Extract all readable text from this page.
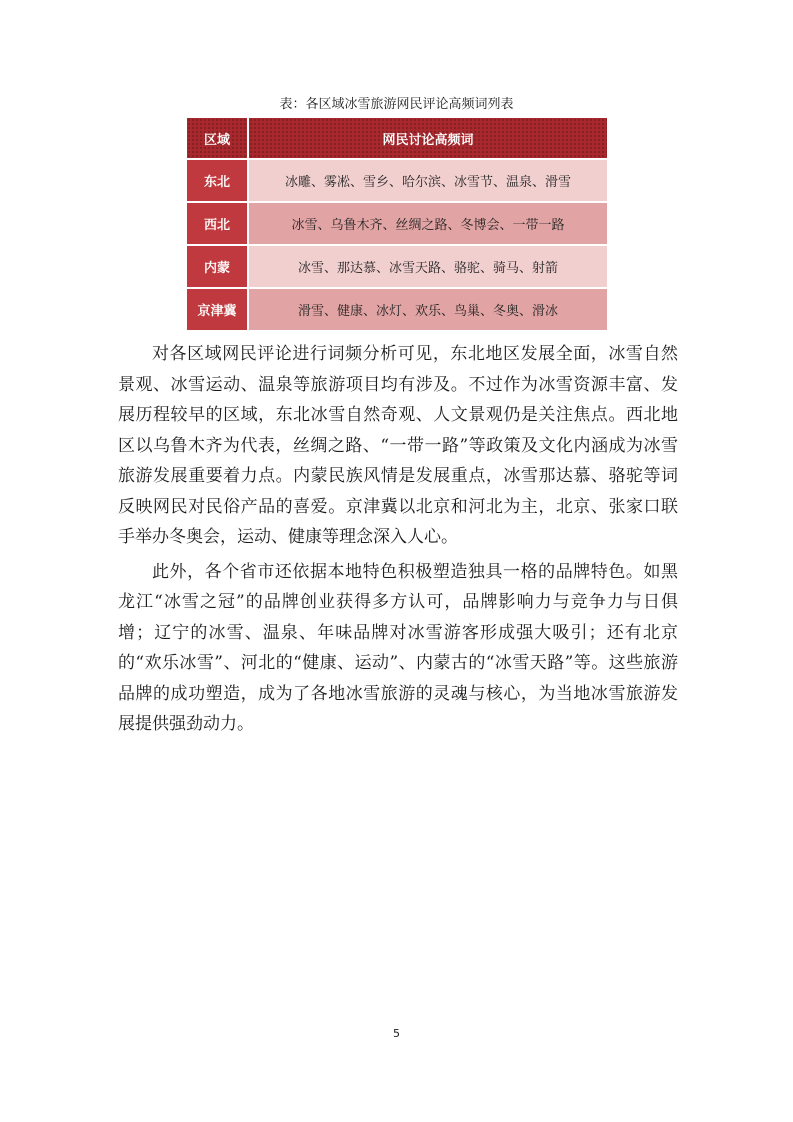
表：各区域冰雪旅游网民评论高频词列表
区域	网民讨论高频词
东北	冰雕、雾凇、雪乡、哈尔滨、冰雪节、温泉、滑雪
西北	冰雪、乌鲁木齐、丝绸之路、冬博会、一带一路
内蒙	冰雪、那达慕、冰雪天路、骆驼、骑马、射箭
京津冀	滑雪、健康、冰灯、欢乐、鸟巢、冬奥、滑冰

对各区域网民评论进行词频分析可见，东北地区发展全面，冰雪自然景观、冰雪运动、温泉等旅游项目均有涉及。不过作为冰雪资源丰富、发展历程较早的区域，东北冰雪自然奇观、人文景观仍是关注焦点。西北地区以乌鲁木齐为代表，丝绸之路、“一带一路”等政策及文化内涵成为冰雪旅游发展重要着力点。内蒙民族风情是发展重点，冰雪那达慕、骆驼等词反映网民对民俗产品的喜爱。京津冀以北京和河北为主，北京、张家口联手举办冬奥会，运动、健康等理念深入人心。

此外，各个省市还依据本地特色积极塑造独具一格的品牌特色。如黑龙江“冰雪之冠”的品牌创业获得多方认可，品牌影响力与竞争力与日俱增；辽宁的冰雪、温泉、年味品牌对冰雪游客形成强大吸引；还有北京的“欢乐冰雪”、河北的“健康、运动”、内蒙古的“冰雪天路”等。这些旅游品牌的成功塑造，成为了各地冰雪旅游的灵魂与核心，为当地冰雪旅游发展提供强劲动力。

5
